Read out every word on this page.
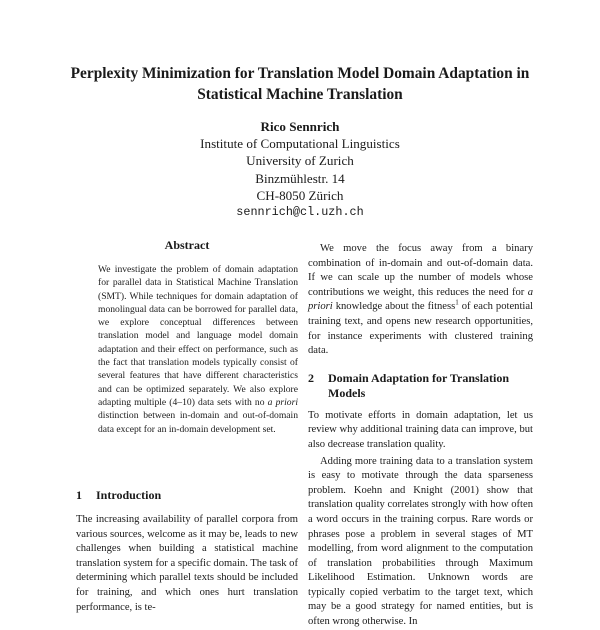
Perplexity Minimization for Translation Model Domain Adaptation in
Statistical Machine Translation
Rico Sennrich
Institute of Computational Linguistics
University of Zurich
Binzmühlestr. 14
CH-8050 Zürich
sennrich@cl.uzh.ch
Abstract

We investigate the problem of domain adaptation for parallel data in Statistical Machine Translation (SMT). While techniques for domain adaptation of monolingual data can be borrowed for parallel data, we explore conceptual differences between translation model and language model domain adaptation and their effect on performance, such as the fact that translation models typically consist of several features that have different characteristics and can be optimized separately. We also explore adapting multiple (4–10) data sets with no a priori distinction between in-domain and out-of-domain data except for an in-domain development set.

1	Introduction

The increasing availability of parallel corpora from various sources, welcome as it may be, leads to new challenges when building a statistical machine translation system for a specific domain. The task of determining which parallel texts should be included for training, and which ones hurt translation performance, is te-

We move the focus away from a binary combination of in-domain and out-of-domain data. If we can scale up the number of models whose contributions we weight, this reduces the need for a priori knowledge about the fitness$^1$ of each potential training text, and opens new research opportunities, for instance experiments with clustered training data.

2	Domain Adaptation for Translation Models

To motivate efforts in domain adaptation, let us review why additional training data can improve, but also decrease translation quality.

Adding more training data to a translation system is easy to motivate through the data sparseness problem. Koehn and Knight (2001) show that translation quality correlates strongly with how often a word occurs in the training corpus. Rare words or phrases pose a problem in several stages of MT modelling, from word alignment to the computation of translation probabilities through Maximum Likelihood Estimation. Unknown words are typically copied verbatim to the target text, which may be a good strategy for named entities, but is often wrong otherwise. In
